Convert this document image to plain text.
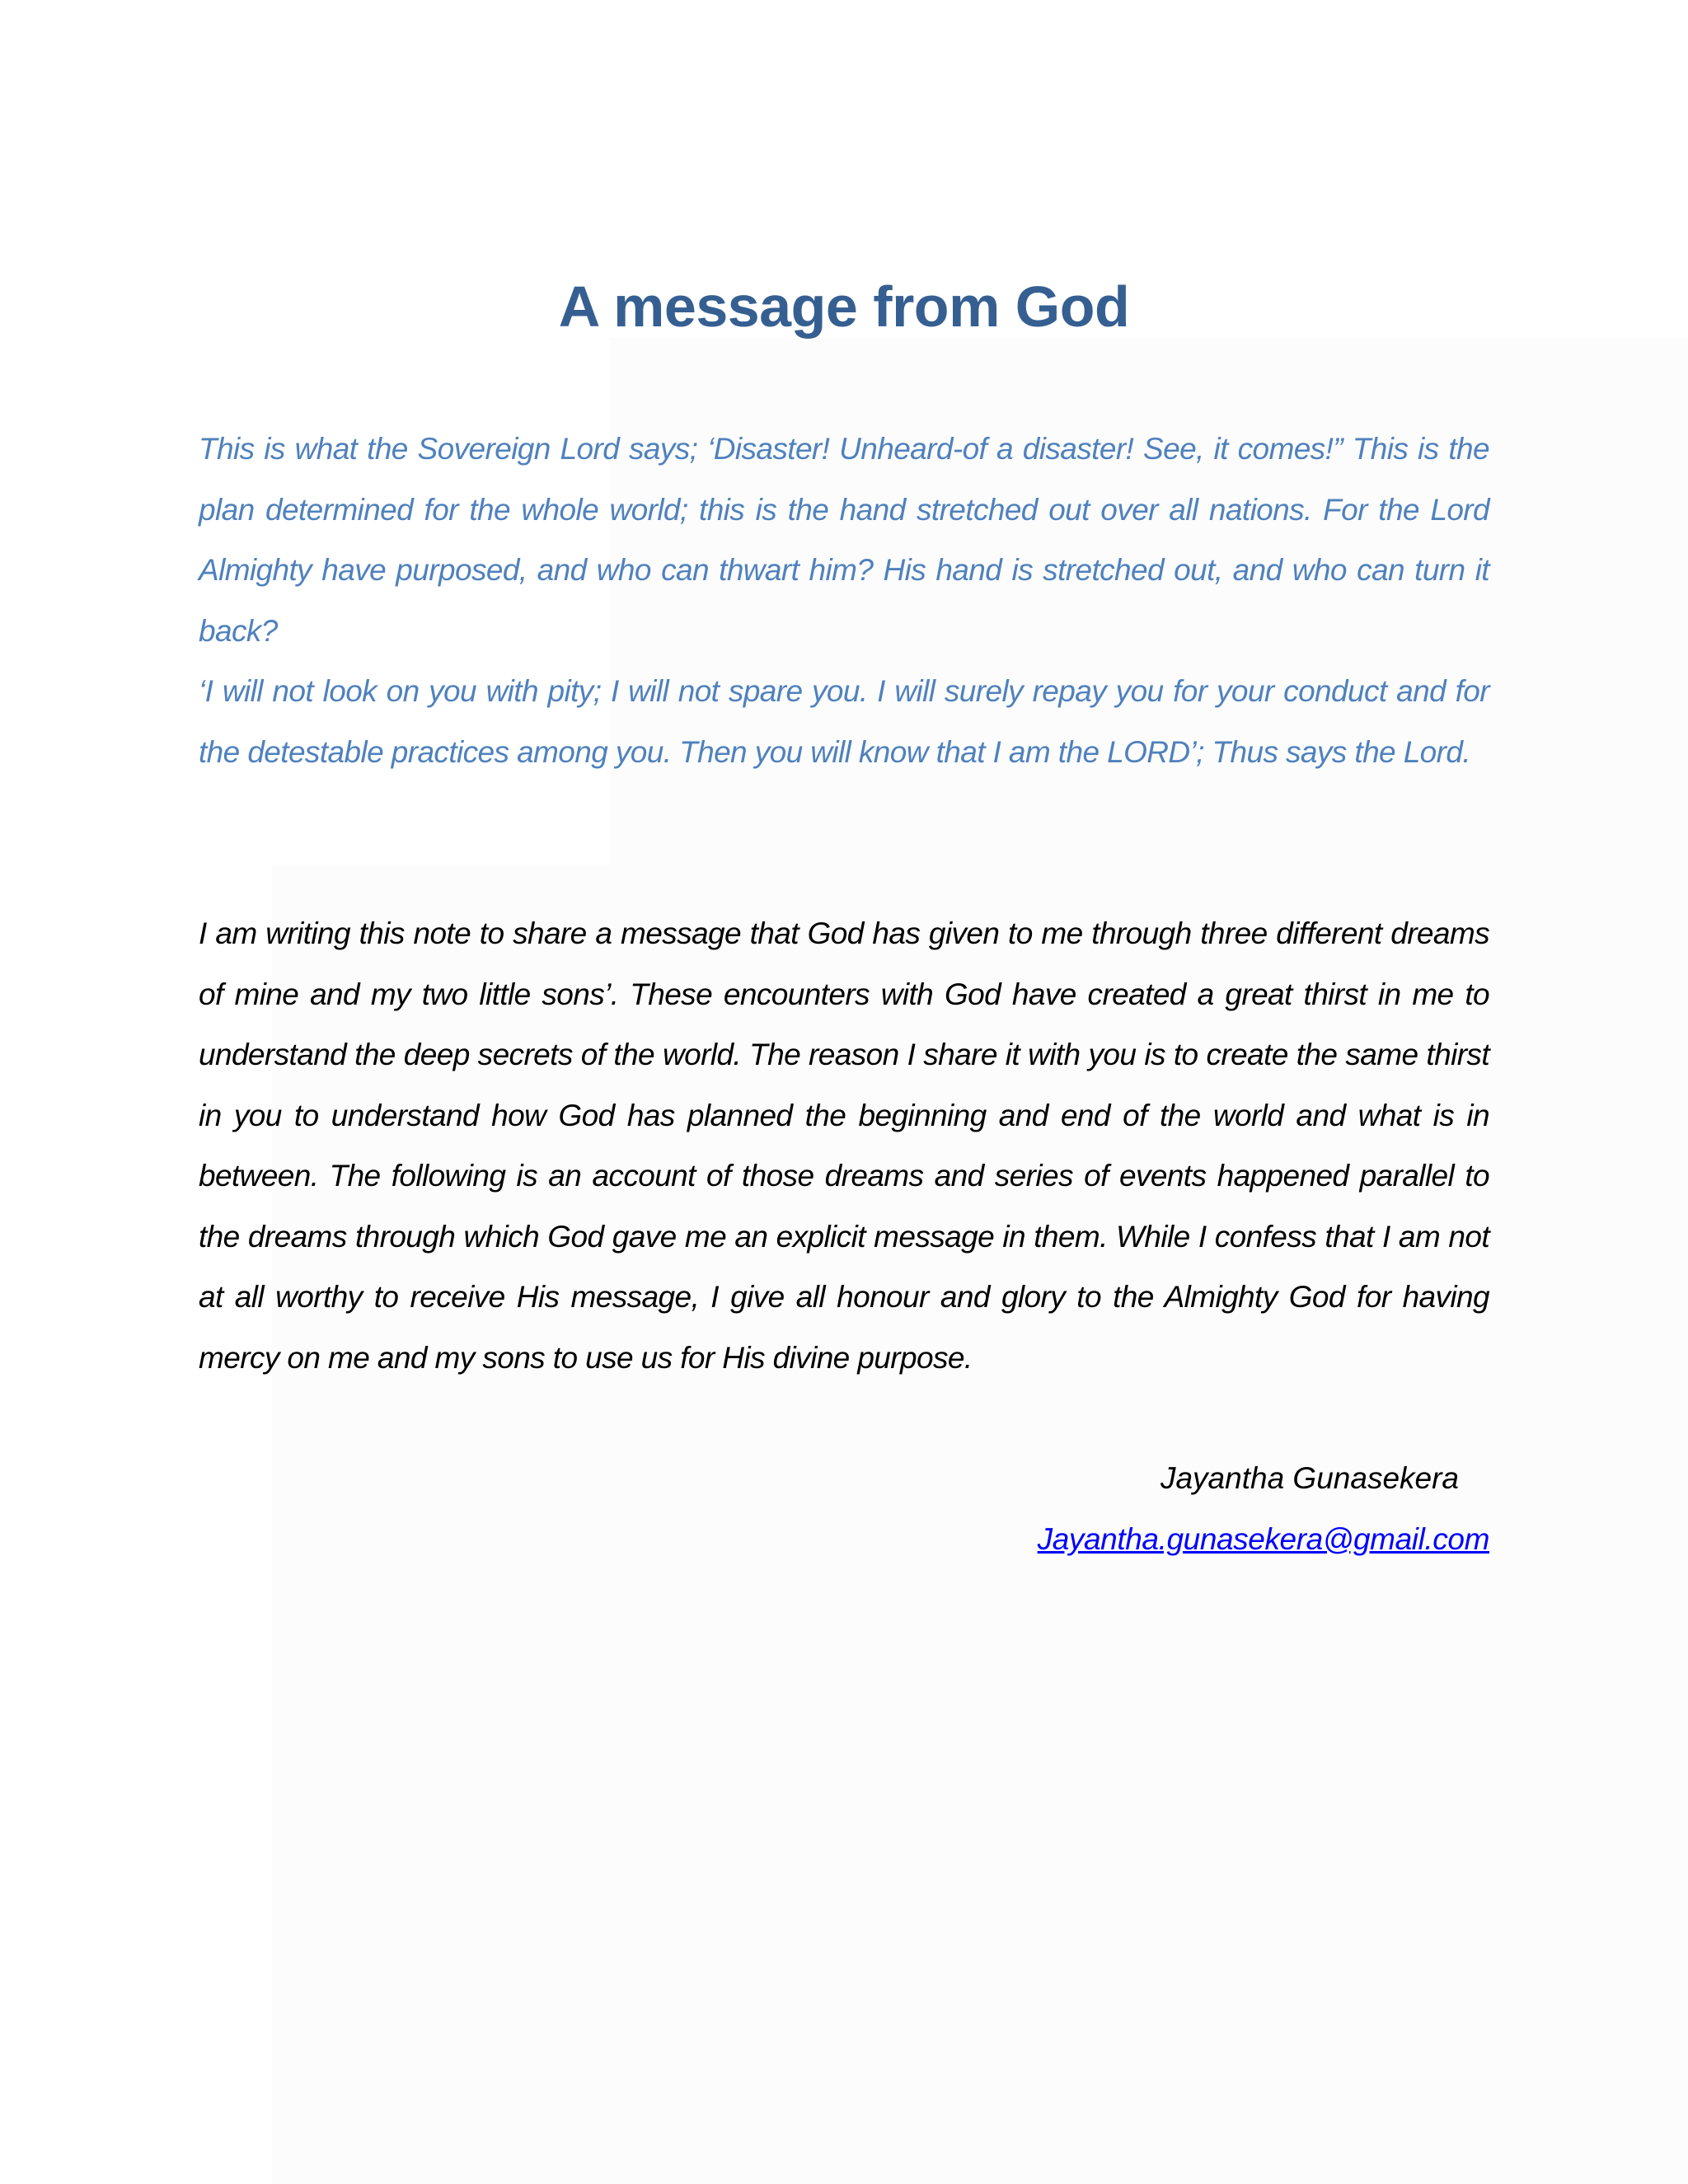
A message from God

This is what the Sovereign Lord says; ‘Disaster! Unheard-of a disaster! See, it comes!” This is the plan determined for the whole world; this is the hand stretched out over all nations. For the Lord Almighty have purposed, and who can thwart him? His hand is stretched out, and who can turn it back?

‘I will not look on you with pity; I will not spare you. I will surely repay you for your conduct and for the detestable practices among you. Then you will know that I am the LORD’; Thus says the Lord.

I am writing this note to share a message that God has given to me through three different dreams of mine and my two little sons’. These encounters with God have created a great thirst in me to understand the deep secrets of the world. The reason I share it with you is to create the same thirst in you to understand how God has planned the beginning and end of the world and what is in between. The following is an account of those dreams and series of events happened parallel to the dreams through which God gave me an explicit message in them. While I confess that I am not at all worthy to receive His message, I give all honour and glory to the Almighty God for having mercy on me and my sons to use us for His divine purpose.

Jayantha Gunasekera
Jayantha.gunasekera@gmail.com
